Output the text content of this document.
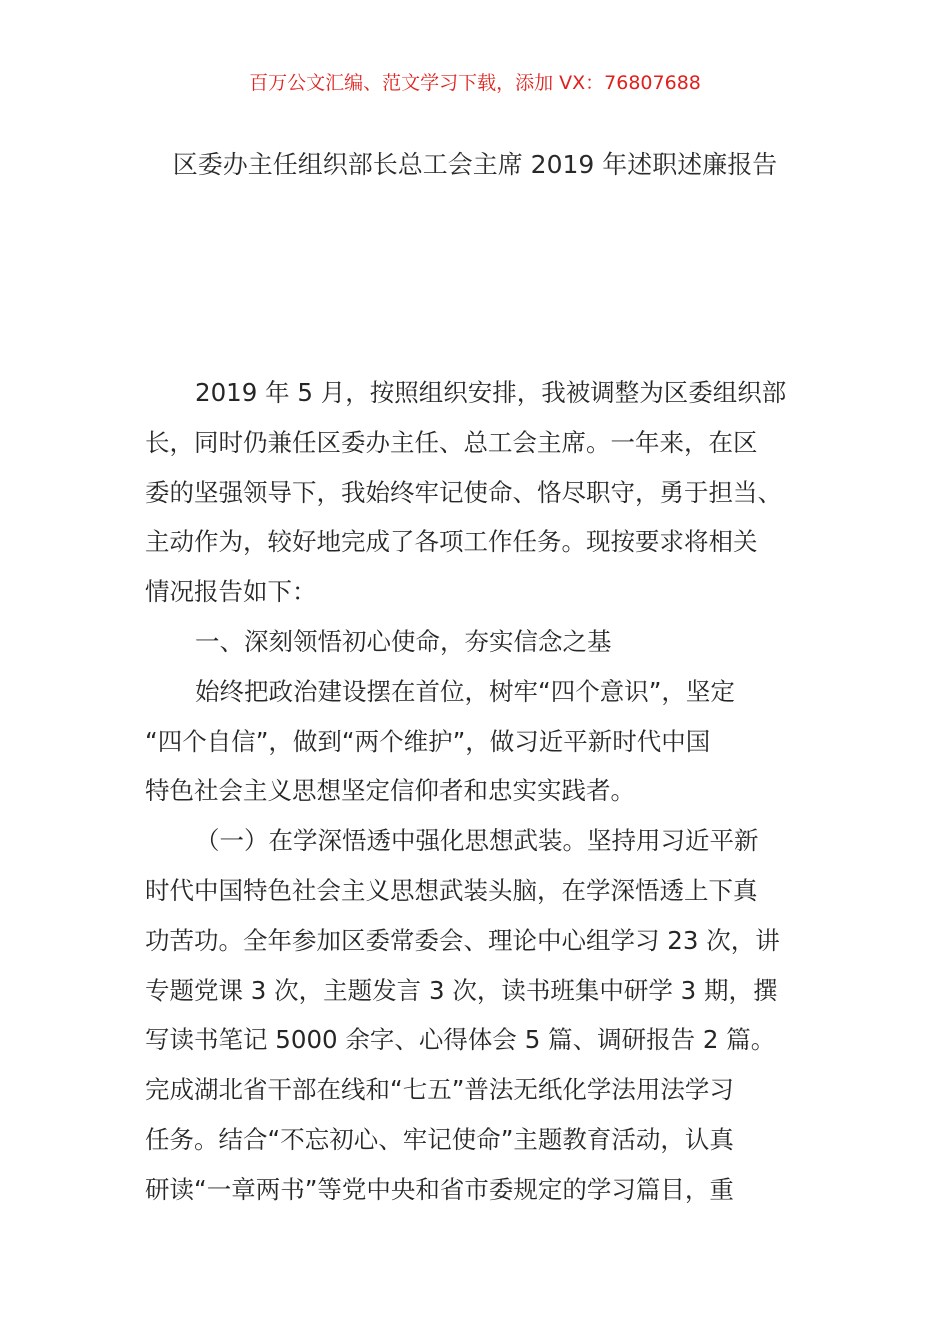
百万公文汇编、范文学习下载，添加 VX：76807688
区委办主任组织部长总工会主席 2019 年述职述廉报告
2019 年 5 月，按照组织安排，我被调整为区委组织部
长，同时仍兼任区委办主任、总工会主席。一年来，在区
委的坚强领导下，我始终牢记使命、恪尽职守，勇于担当、
主动作为，较好地完成了各项工作任务。现按要求将相关
情况报告如下：
一、深刻领悟初心使命，夯实信念之基
始终把政治建设摆在首位，树牢“四个意识”，坚定
“四个自信”，做到“两个维护”，做习近平新时代中国
特色社会主义思想坚定信仰者和忠实实践者。
（一）在学深悟透中强化思想武装。坚持用习近平新
时代中国特色社会主义思想武装头脑，在学深悟透上下真
功苦功。全年参加区委常委会、理论中心组学习 23 次，讲
专题党课 3 次，主题发言 3 次，读书班集中研学 3 期，撰
写读书笔记 5000 余字、心得体会 5 篇、调研报告 2 篇。
完成湖北省干部在线和“七五”普法无纸化学法用法学习
任务。结合“不忘初心、牢记使命”主题教育活动，认真
研读“一章两书”等党中央和省市委规定的学习篇目，重
